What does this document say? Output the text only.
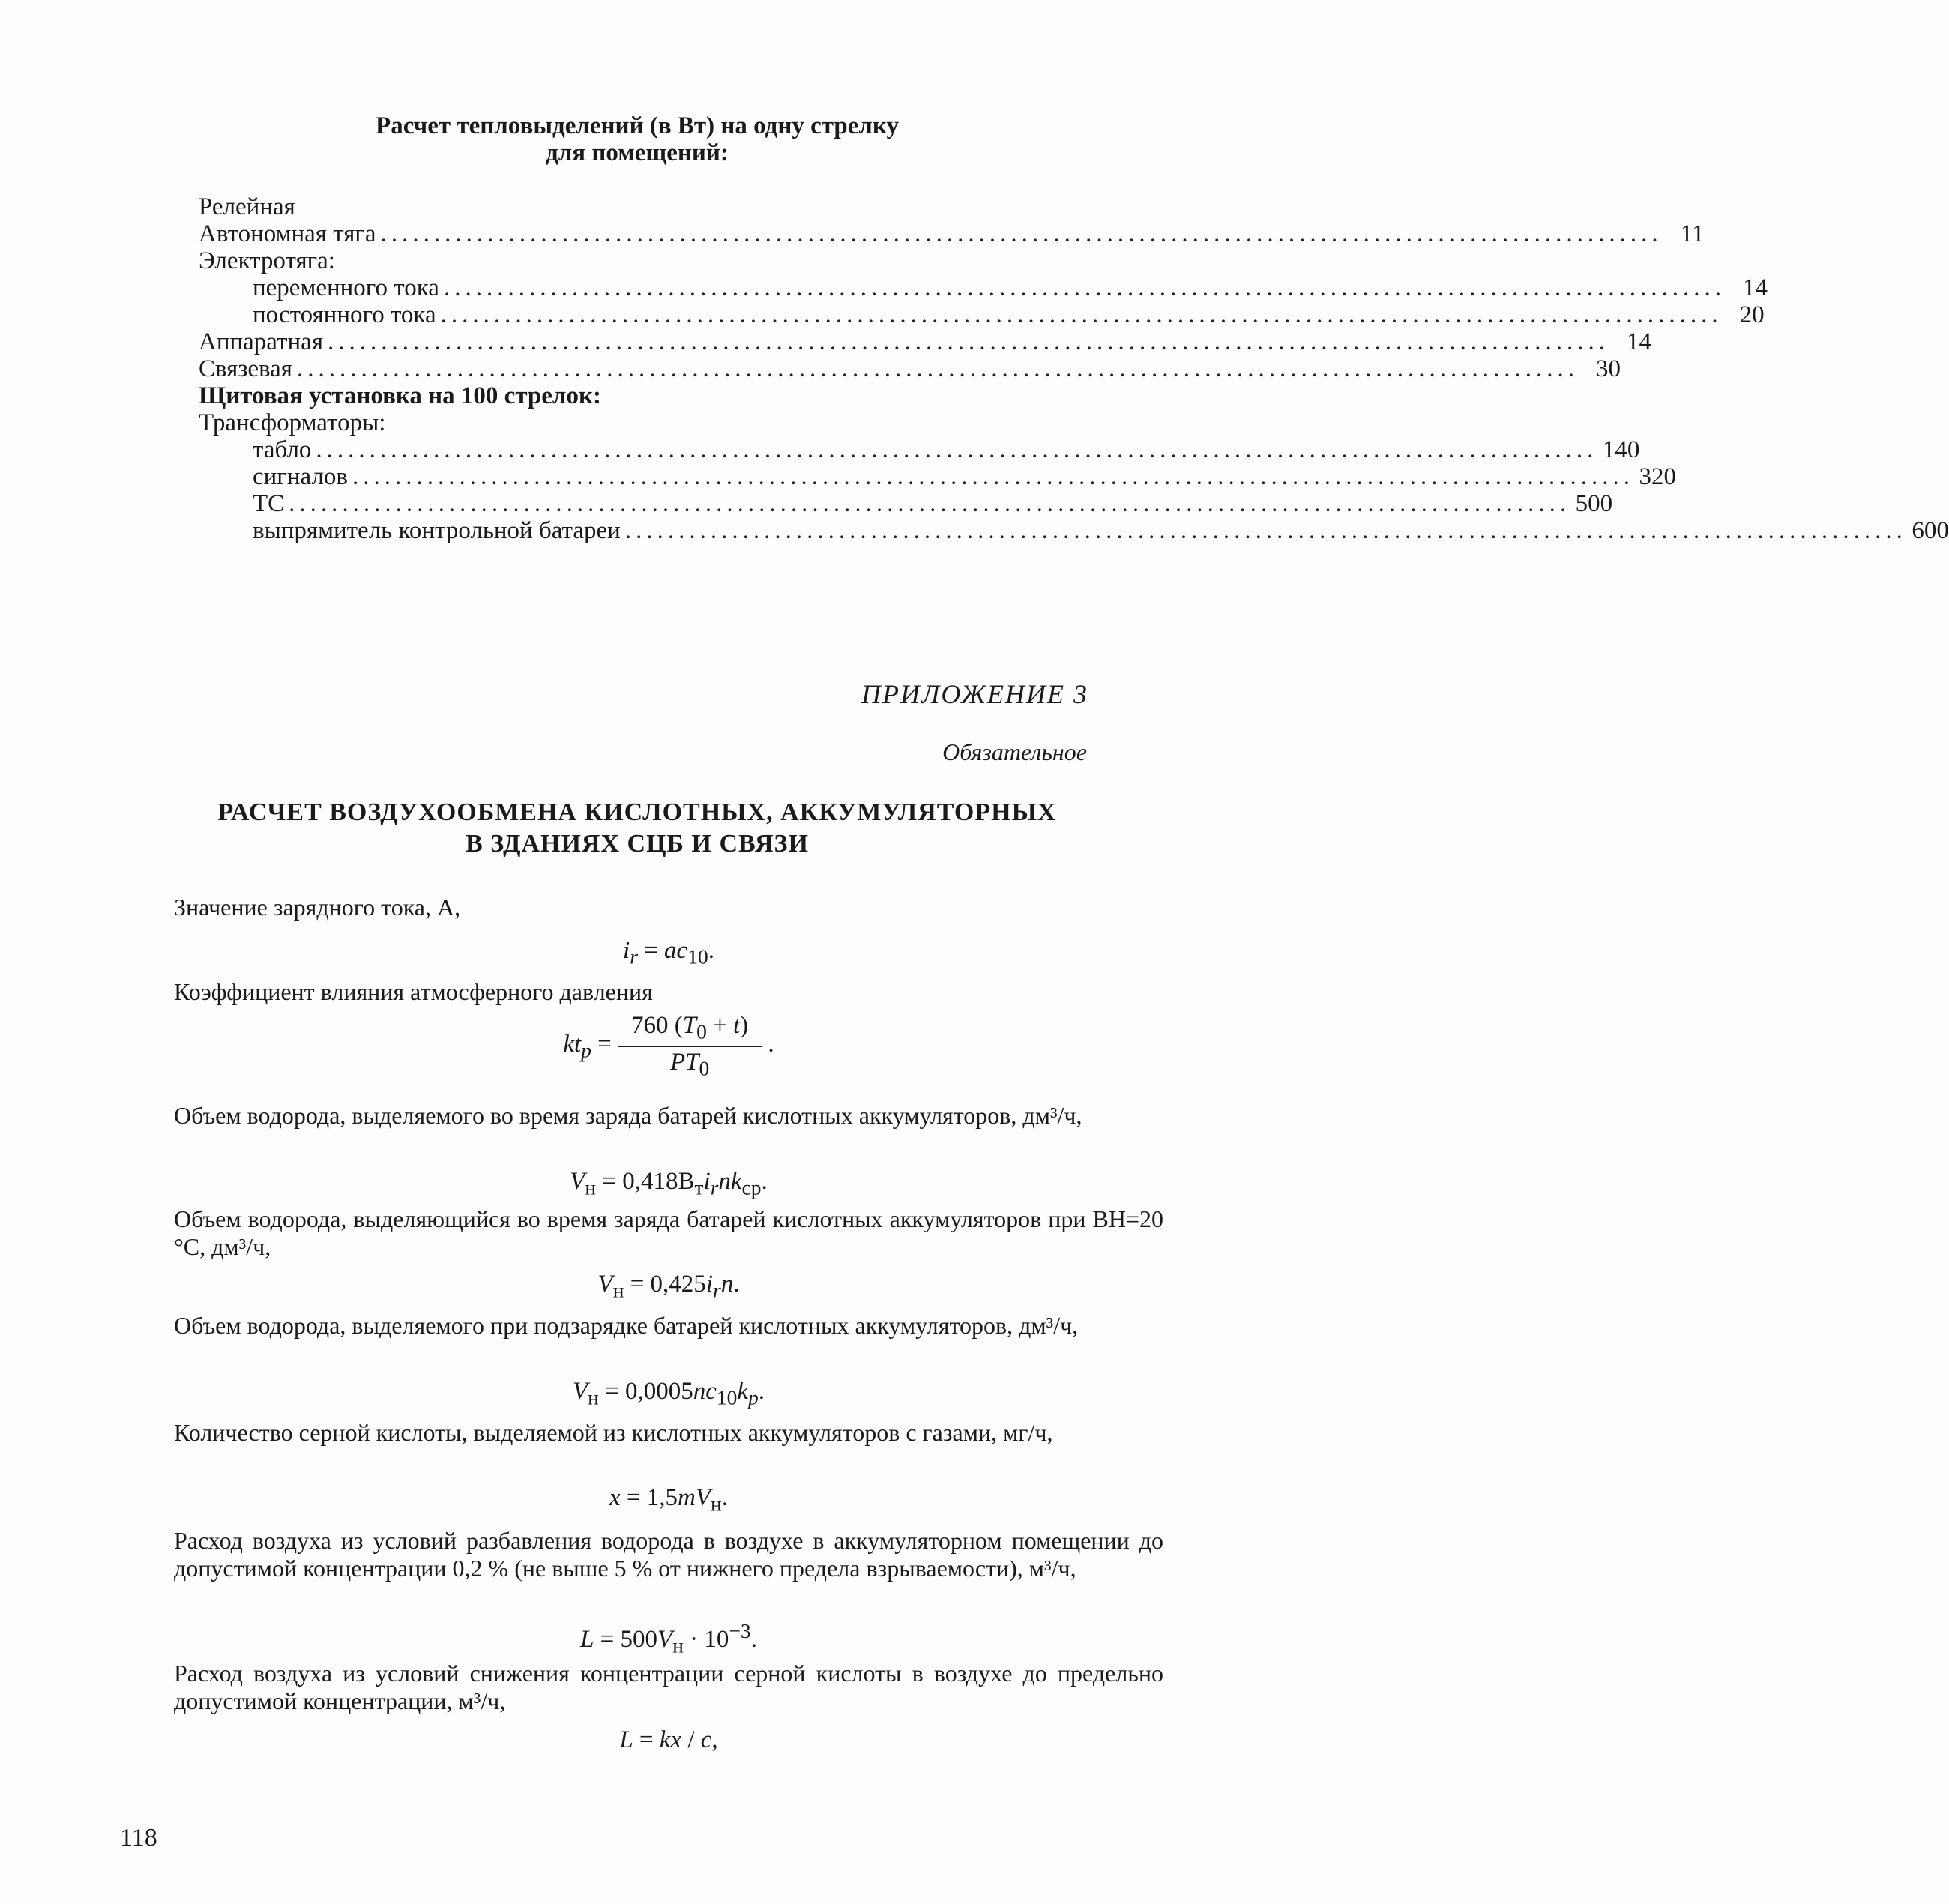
Расчет тепловыделений (в Вт) на одну стрелку
для помещений:
Релейная
Автономная тяга ........................................................................................................................ 11
Электротяга:
переменного тока ........................................................................................................................ 14
постоянного тока ........................................................................................................................ 20
Аппаратная ........................................................................................................................ 14
Связевая ........................................................................................................................ 30
Щитовая установка на 100 стрелок:
Трансформаторы:
табло ........................................................................................................................ 140
сигналов ........................................................................................................................ 320
ТС ........................................................................................................................ 500
выпрямитель контрольной батареи ........................................................................................................................ 600
ПРИЛОЖЕНИЕ 3
Обязательное
РАСЧЕТ ВОЗДУХООБМЕНА КИСЛОТНЫХ, АККУМУЛЯТОРНЫХ
В ЗДАНИЯХ СЦБ И СВЯЗИ
Значение зарядного тока, А,
$i_r = ac_{10}$.
Коэффициент влияния атмосферного давления
$kt_p = \frac{760 (T_0 + t)}{PT_0}$ .
Объем водорода, выделяемого во время заряда батарей кислотных аккумуляторов, дм³/ч,
$V_н = 0,418В_тi_rnk_{ср}$.
Объем водорода, выделяющийся во время заряда батарей кислотных аккумуляторов при ВН=20 °С, дм³/ч,
$V_н = 0,425i_rn$.
Объем водорода, выделяемого при подзарядке батарей кислотных аккумуляторов, дм³/ч,
$V_н = 0,0005nc_{10}k_p$.
Количество серной кислоты, выделяемой из кислотных аккумуляторов с газами, мг/ч,
$x = 1,5mV_н$.
Расход воздуха из условий разбавления водорода в воздухе в аккумуляторном помещении до допустимой концентрации 0,2 % (не выше 5 % от нижнего предела взрываемости), м³/ч,
$L = 500V_н \cdot 10^{-3}$.
Расход воздуха из условий снижения концентрации серной кислоты в воздухе до предельно допустимой концентрации, м³/ч,
L = kx / c,
118
